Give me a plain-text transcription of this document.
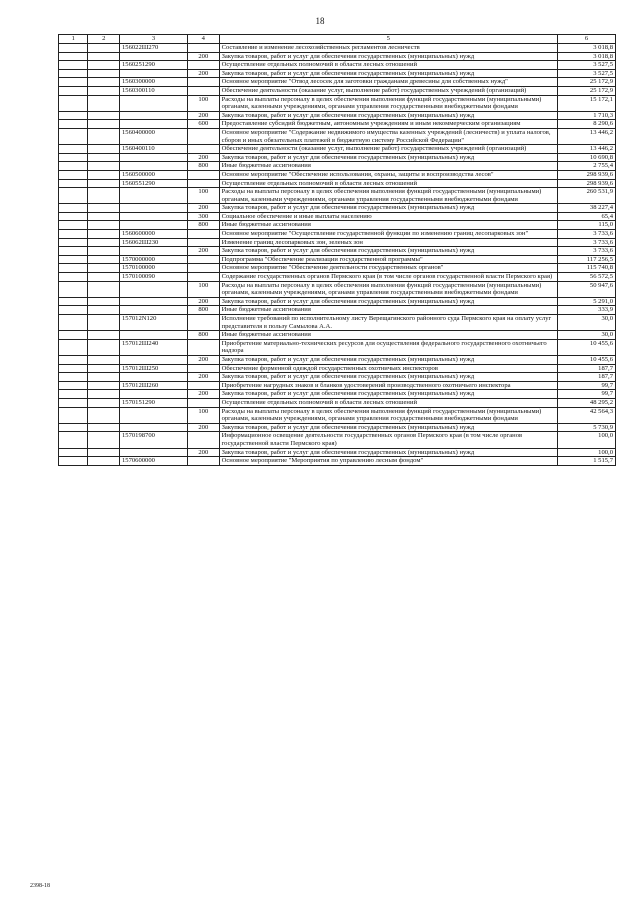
18
1	2	3	4	5	6
		156022Ш270		Составление и изменение лесохозяйственных регламентов лесничеств	3 018,8
			200	Закупка товаров, работ и услуг для обеспечения государственных (муниципальных) нужд	3 018,8
		1560251290		Осуществление отдельных полномочий в области лесных отношений	3 527,5
			200	Закупка товаров, работ и услуг для обеспечения государственных (муниципальных) нужд	3 527,5
		1560300000		Основное мероприятие "Отвод лесосек для заготовки гражданами древесины для собственных нужд"	25 172,9
		1560300110		Обеспечение деятельности (оказание услуг, выполнение работ) государственных учреждений (организаций)	25 172,9
			100	Расходы на выплаты персоналу в целях обеспечения выполнения функций государственными (муниципальными) органами, казенными учреждениями, органами управления государственными внебюджетными фондами	15 172,1
			200	Закупка товаров, работ и услуг для обеспечения государственных (муниципальных) нужд	1 710,3
			600	Предоставление субсидий бюджетным, автономным учреждениям и иным некоммерческим организациям	8 290,6
		1560400000		Основное мероприятие "Содержание недвижимого имущества казенных учреждений (лесничеств) и уплата налогов, сборов и иных обязательных платежей в бюджетную систему Российской Федерации"	13 446,2
		1560400110		Обеспечение деятельности (оказание услуг, выполнение работ) государственных учреждений (организаций)	13 446,2
			200	Закупка товаров, работ и услуг для обеспечения государственных (муниципальных) нужд	10 690,8
			800	Иные бюджетные ассигнования	2 755,4
		1560500000		Основное мероприятие "Обеспечение использования, охраны, защиты и воспроизводства лесов"	298 939,6
		1560551290		Осуществление отдельных полномочий в области лесных отношений	298 939,6
			100	Расходы на выплаты персоналу в целях обеспечения выполнения функций государственными (муниципальными) органами, казенными учреждениями, органами управления государственными внебюджетными фондами	260 531,9
			200	Закупка товаров, работ и услуг для обеспечения государственных (муниципальных) нужд	38 227,4
			300	Социальное обеспечение и иные выплаты населению	65,4
			800	Иные бюджетные ассигнования	115,0
		1560600000		Основное мероприятие "Осуществление государственной функции по изменению границ лесопарковых зон"	3 733,6
		156062Ш230		Изменение границ лесопарковых зон, зеленых зон	3 733,6
			200	Закупка товаров, работ и услуг для обеспечения государственных (муниципальных) нужд	3 733,6
		1570000000		Подпрограмма "Обеспечение реализации государственной программы"	117 256,5
		1570100000		Основное мероприятие "Обеспечение деятельности государственных органов"	115 740,8
		1570100090		Содержание государственных органов Пермского края (в том числе органов государственной власти Пермского края)	56 572,5
			100	Расходы на выплаты персоналу в целях обеспечения выполнения функций государственными (муниципальными) органами, казенными учреждениями, органами управления государственными внебюджетными фондами	50 947,6
			200	Закупка товаров, работ и услуг для обеспечения государственных (муниципальных) нужд	5 291,0
			800	Иные бюджетные ассигнования	333,9
		157012N120		Исполнение требований по исполнительному листу Верещагинского районного суда Пермского края на оплату услуг представителя в пользу Самылова А.А.	30,0
			800	Иные бюджетные ассигнования	30,0
		157012Ш240		Приобретение материально-технических ресурсов для осуществления федерального государственного охотничьего надзора	10 455,6
			200	Закупка товаров, работ и услуг для обеспечения государственных (муниципальных) нужд	10 455,6
		157012Ш250		Обеспечение форменной одеждой государственных охотничьих инспекторов	187,7
			200	Закупка товаров, работ и услуг для обеспечения государственных (муниципальных) нужд	187,7
		157012Ш260		Приобретение нагрудных знаков и бланков удостоверений производственного охотничьего инспектора	99,7
			200	Закупка товаров, работ и услуг для обеспечения государственных (муниципальных) нужд	99,7
		1570151290		Осуществление отдельных полномочий в области лесных отношений	48 295,2
			100	Расходы на выплаты персоналу в целях обеспечения выполнения функций государственными (муниципальными) органами, казенными учреждениями, органами управления государственными внебюджетными фондами	42 564,3
			200	Закупка товаров, работ и услуг для обеспечения государственных (муниципальных) нужд	5 730,9
		1570198700		Информационное освещение деятельности государственных органов Пермского края (в том числе органов государственной власти Пермского края)	100,0
			200	Закупка товаров, работ и услуг для обеспечения государственных (муниципальных) нужд	100,0
		1570600000		Основное мероприятие "Мероприятия по управлению лесным фондом"	1 515,7
2398-18
